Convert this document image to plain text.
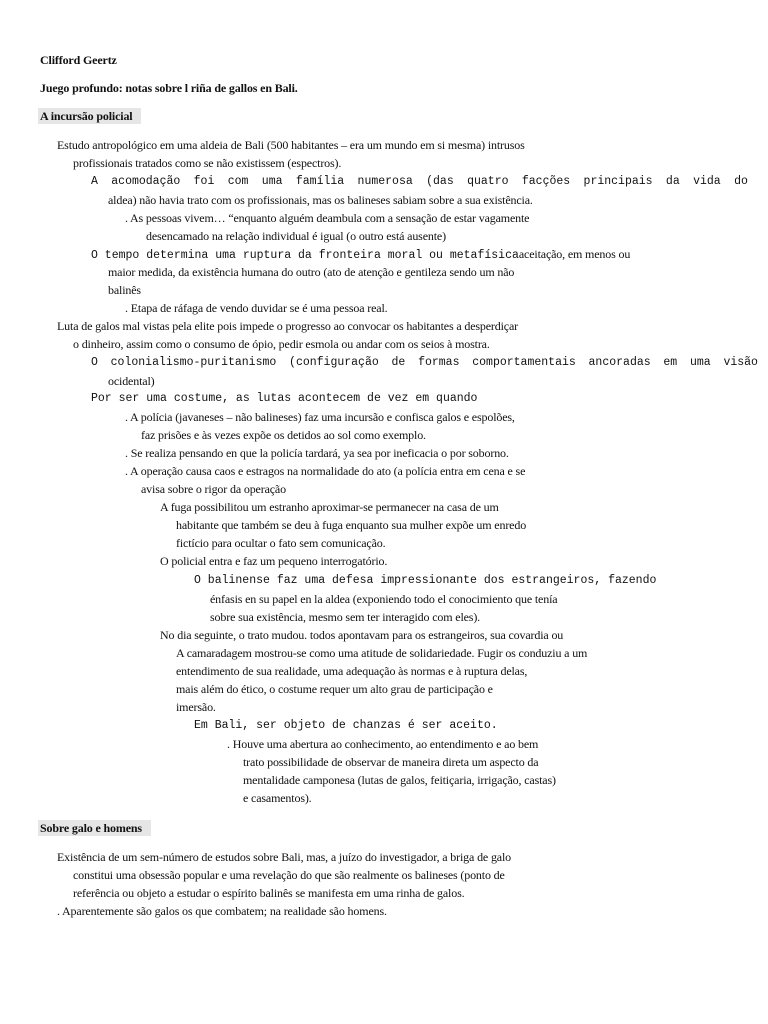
Clifford Geertz
Juego profundo: notas sobre l riña de gallos en Bali.
A incursão policial
Estudo antropológico em uma aldeia de Bali (500 habitantes – era um mundo em si mesma) intrusos
profissionais tratados como se não existissem (espectros).
A acomodação foi com uma família numerosa (das quatro facções principais da vida do
aldea) não havia trato com os profissionais, mas os balineses sabiam sobre a sua existência.
. As pessoas vivem… “enquanto alguém deambula com a sensação de estar vagamente
desencamado na relação individual é igual (o outro está ausente)
O tempo determina uma ruptura da fronteira moral ou metafísicaaceitação, em menos ou
maior medida, da existência humana do outro (ato de atenção e gentileza sendo um não
balinês
. Etapa de ráfaga de vendo duvidar se é uma pessoa real.
Luta de galos mal vistas pela elite pois impede o progresso ao convocar os habitantes a desperdiçar
o dinheiro, assim como o consumo de ópio, pedir esmola ou andar com os seios à mostra.
O colonialismo-puritanismo (configuração de formas comportamentais ancoradas em uma visão
ocidental)
Por ser uma costume, as lutas acontecem de vez em quando
. A polícia (javaneses – não balineses) faz uma incursão e confisca galos e espolões,
faz prisões e às vezes expõe os detidos ao sol como exemplo.
. Se realiza pensando en que la policía tardará, ya sea por ineficacia o por soborno.
. A operação causa caos e estragos na normalidade do ato (a polícia entra em cena e se
avisa sobre o rigor da operação
A fuga possibilitou um estranho aproximar-se permanecer na casa de um
habitante que também se deu à fuga enquanto sua mulher expõe um enredo
fictício para ocultar o fato sem comunicação.
O policial entra e faz um pequeno interrogatório.
O balinense faz uma defesa impressionante dos estrangeiros, fazendo
énfasis en su papel en la aldea (exponiendo todo el conocimiento que tenía
sobre sua existência, mesmo sem ter interagido com eles).
No dia seguinte, o trato mudou. todos apontavam para os estrangeiros, sua covardia ou
A camaradagem mostrou-se como uma atitude de solidariedade. Fugir os conduziu a um
entendimento de sua realidade, uma adequação às normas e à ruptura delas,
mais além do ético, o costume requer um alto grau de participação e
imersão.
Em Bali, ser objeto de chanzas é ser aceito.
. Houve uma abertura ao conhecimento, ao entendimento e ao bem
trato possibilidade de observar de maneira direta um aspecto da
mentalidade camponesa (lutas de galos, feitiçaria, irrigação, castas)
e casamentos).
Sobre galo e homens
Existência de um sem-número de estudos sobre Bali, mas, a juízo do investigador, a briga de galo
constitui uma obsessão popular e uma revelação do que são realmente os balineses (ponto de
referência ou objeto a estudar o espírito balinês se manifesta em uma rinha de galos.
. Aparentemente são galos os que combatem; na realidade são homens.
